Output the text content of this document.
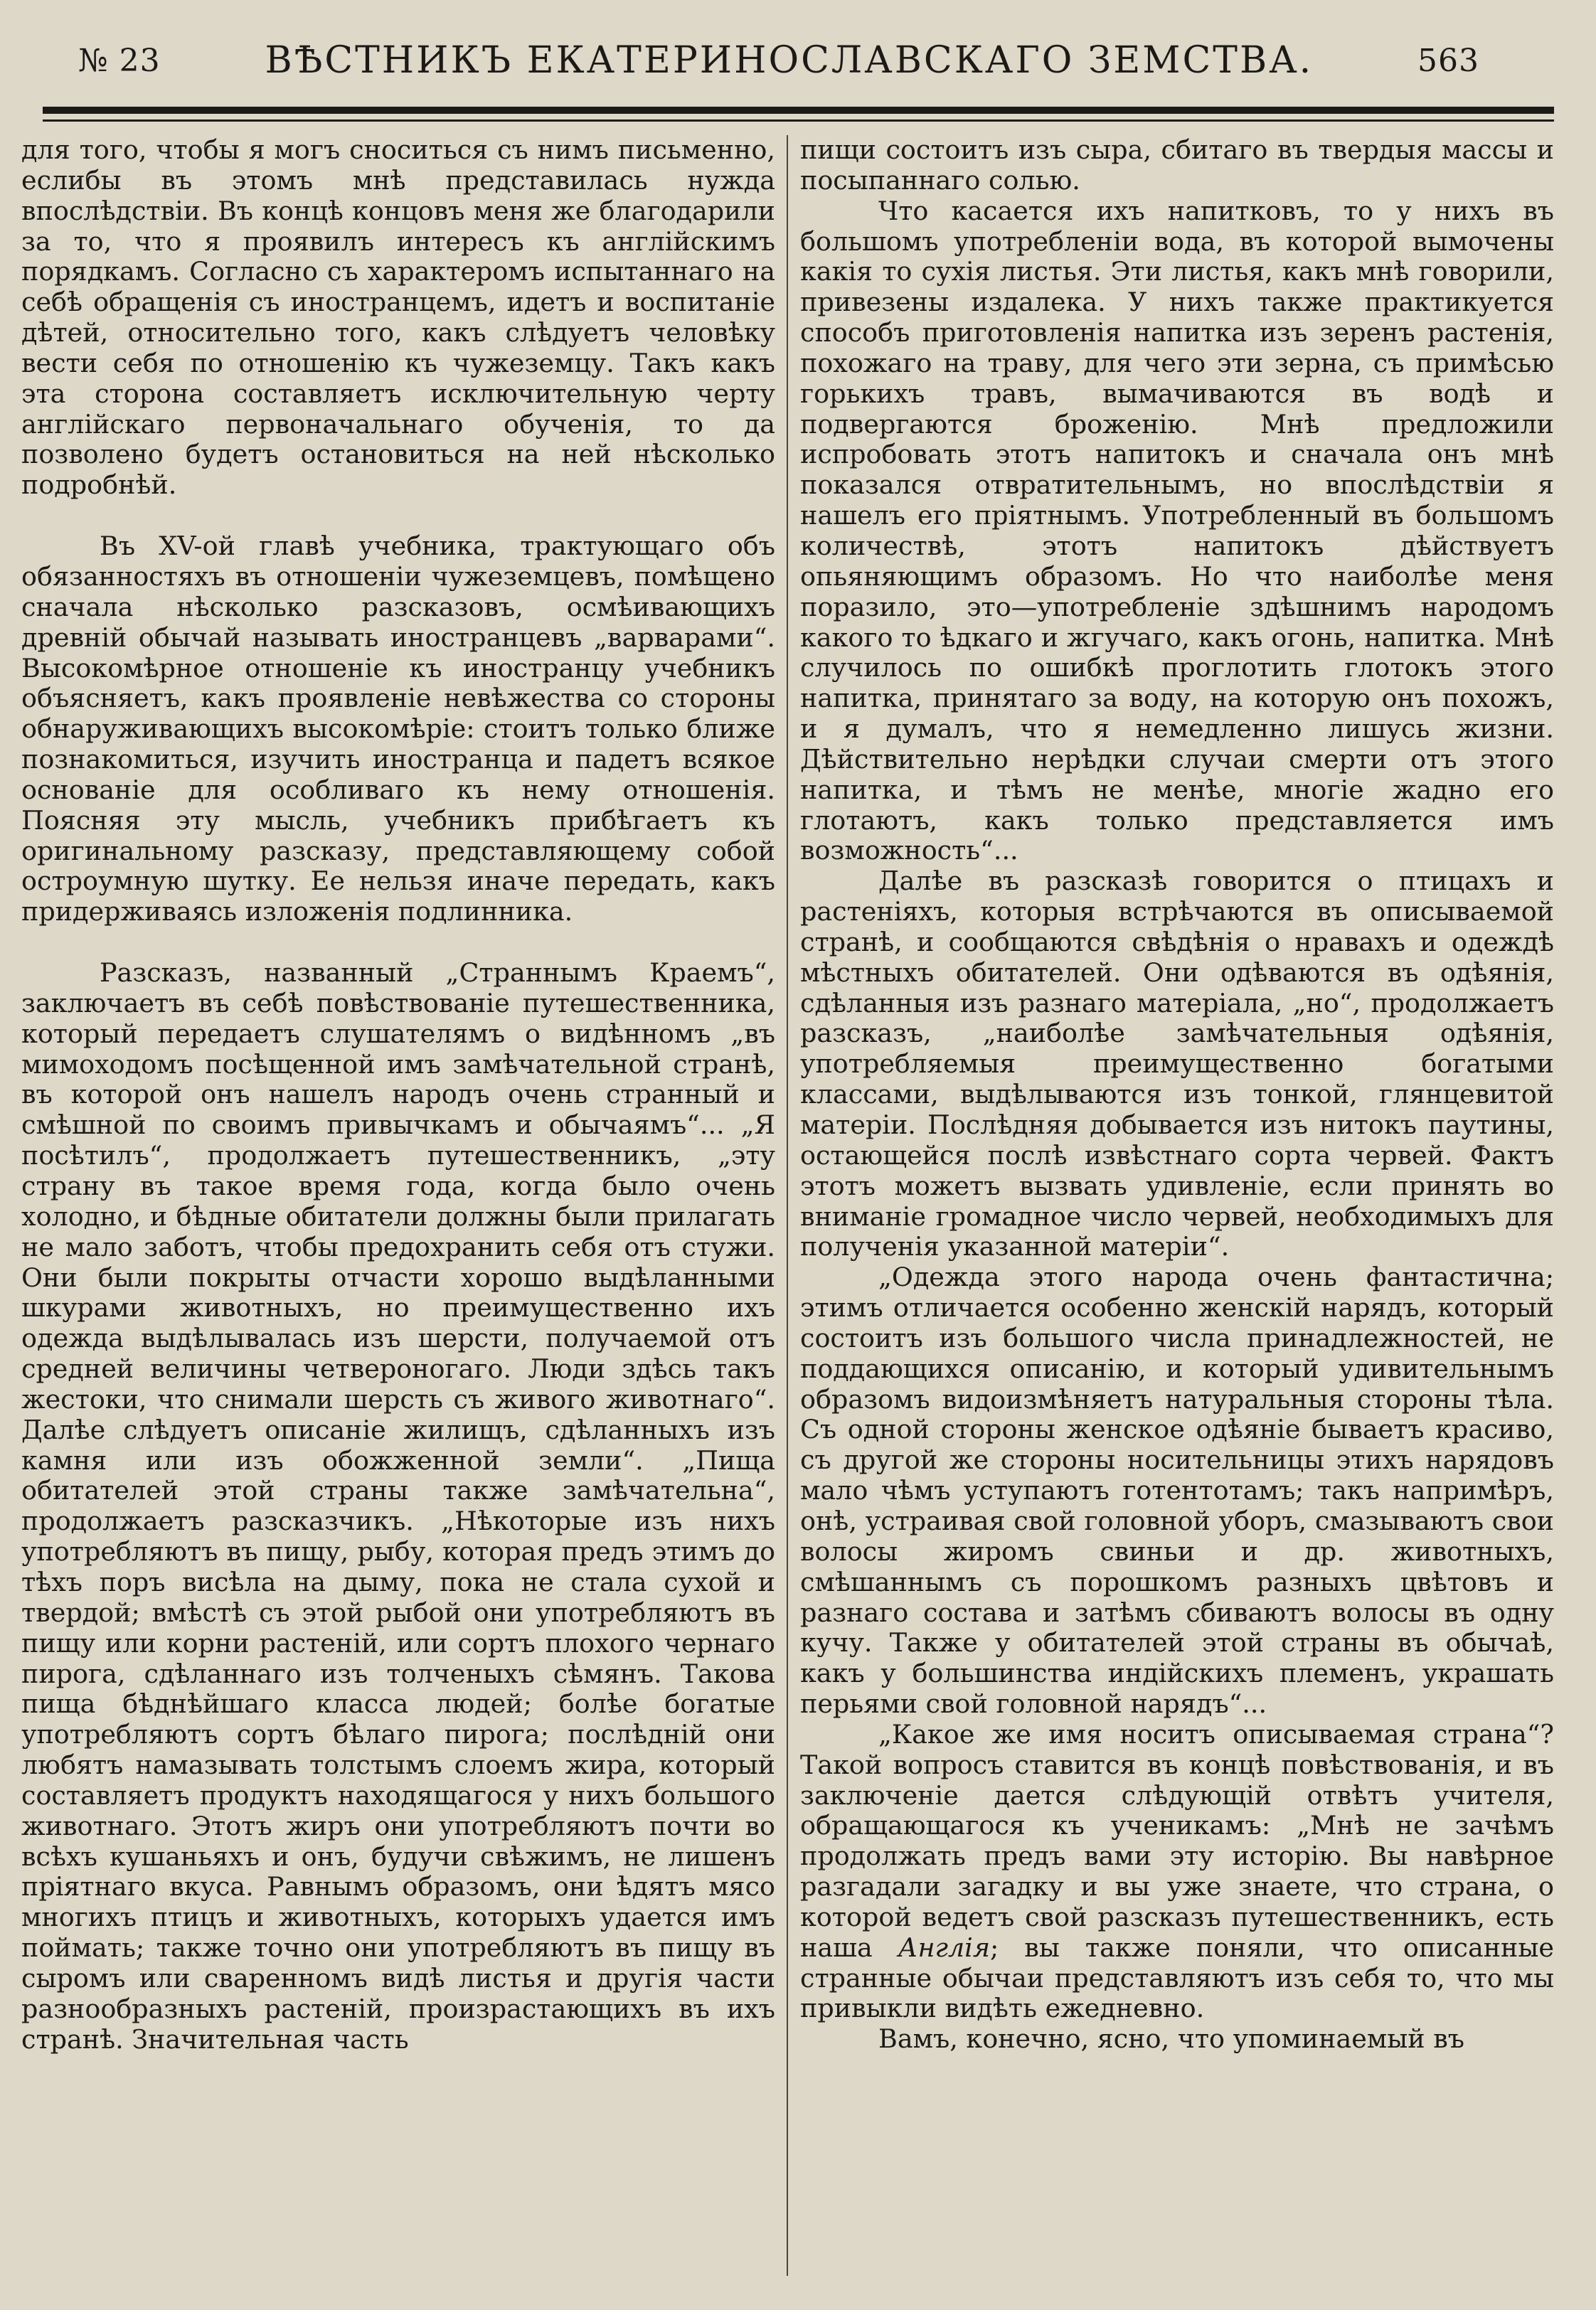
№ 23	ВѢСТНИКЪ ЕКАТЕРИНОСЛАВСКАГО ЗЕМСТВА.	563

для того, чтобы я могъ сноситься съ нимъ письменно, еслибы въ этомъ мнѣ представилась нужда впослѣдствіи. Въ концѣ концовъ меня же благодарили за то, что я проявилъ интересъ къ англійскимъ порядкамъ. Согласно съ характеромъ испытаннаго на себѣ обращенія съ иностранцемъ, идетъ и воспитаніе дѣтей, относительно того, какъ слѣдуетъ человѣку вести себя по отношенію къ чужеземцу. Такъ какъ эта сторона составляетъ исключительную черту англійскаго первоначальнаго обученія, то да позволено будетъ остановиться на ней нѣсколько подробнѣй.

Въ XV-ой главѣ учебника, трактующаго объ обязанностяхъ въ отношеніи чужеземцевъ, помѣщено сначала нѣсколько разсказовъ, осмѣивающихъ древній обычай называть иностранцевъ „варварами“. Высокомѣрное отношеніе къ иностранцу учебникъ объясняетъ, какъ проявленіе невѣжества со стороны обнаруживающихъ высокомѣріе: стоитъ только ближе познакомиться, изучить иностранца и падетъ всякое основаніе для особливаго къ нему отношенія. Поясняя эту мысль, учебникъ прибѣгаетъ къ оригинальному разсказу, представляющему собой остроумную шутку. Ее нельзя иначе передать, какъ придерживаясь изложенія подлинника.

Разсказъ, названный „Страннымъ Краемъ“, заключаетъ въ себѣ повѣствованіе путешественника, который передаетъ слушателямъ о видѣнномъ „въ мимоходомъ посѣщенной имъ замѣчательной странѣ, въ которой онъ нашелъ народъ очень странный и смѣшной по своимъ привычкамъ и обычаямъ“... „Я посѣтилъ“, продолжаетъ путешественникъ, „эту страну въ такое время года, когда было очень холодно, и бѣдные обитатели должны были прилагать не мало заботъ, чтобы предохранить себя отъ стужи. Они были покрыты отчасти хорошо выдѣланными шкурами животныхъ, но преимущественно ихъ одежда выдѣлывалась изъ шерсти, получаемой отъ средней величины четвероногаго. Люди здѣсь такъ жестоки, что снимали шерсть съ живого животнаго“. Далѣе слѣдуетъ описаніе жилищъ, сдѣланныхъ изъ камня или изъ обожженной земли“. „Пища обитателей этой страны также замѣчательна“, продолжаетъ разсказчикъ. „Нѣкоторые изъ нихъ употребляютъ въ пищу, рыбу, которая предъ этимъ до тѣхъ поръ висѣла на дыму, пока не стала сухой и твердой; вмѣстѣ съ этой рыбой они употребляютъ въ пищу или корни растеній, или сортъ плохого чернаго пирога, сдѣланнаго изъ толченыхъ сѣмянъ. Такова пища бѣднѣйшаго класса людей; болѣе богатые употребляютъ сортъ бѣлаго пирога; послѣдній они любятъ намазывать толстымъ слоемъ жира, который составляетъ продуктъ находящагося у нихъ большого животнаго. Этотъ жиръ они употребляютъ почти во всѣхъ кушаньяхъ и онъ, будучи свѣжимъ, не лишенъ пріятнаго вкуса. Равнымъ образомъ, они ѣдятъ мясо многихъ птицъ и животныхъ, которыхъ удается имъ поймать; также точно они употребляютъ въ пищу въ сыромъ или сваренномъ видѣ листья и другія части разнообразныхъ растеній, произрастающихъ въ ихъ странѣ. Значительная часть

пищи состоитъ изъ сыра, сбитаго въ твердыя массы и посыпаннаго солью.

Что касается ихъ напитковъ, то у нихъ въ большомъ употребленіи вода, въ которой вымочены какія то сухія листья. Эти листья, какъ мнѣ говорили, привезены издалека. У нихъ также практикуется способъ приготовленія напитка изъ зеренъ растенія, похожаго на траву, для чего эти зерна, съ примѣсью горькихъ травъ, вымачиваются въ водѣ и подвергаются броженію. Мнѣ предложили испробовать этотъ напитокъ и сначала онъ мнѣ показался отвратительнымъ, но впослѣдствіи я нашелъ его пріятнымъ. Употребленный въ большомъ количествѣ, этотъ напитокъ дѣйствуетъ опьяняющимъ образомъ. Но что наиболѣе меня поразило, это—употребленіе здѣшнимъ народомъ какого то ѣдкаго и жгучаго, какъ огонь, напитка. Мнѣ случилось по ошибкѣ проглотить глотокъ этого напитка, принятаго за воду, на которую онъ похожъ, и я думалъ, что я немедленно лишусь жизни. Дѣйствительно нерѣдки случаи смерти отъ этого напитка, и тѣмъ не менѣе, многіе жадно его глотаютъ, какъ только представляется имъ возможность“...

Далѣе въ разсказѣ говорится о птицахъ и растеніяхъ, которыя встрѣчаются въ описываемой странѣ, и сообщаются свѣдѣнія о нравахъ и одеждѣ мѣстныхъ обитателей. Они одѣваются въ одѣянія, сдѣланныя изъ разнаго матеріала, „но“, продолжаетъ разсказъ, „наиболѣе замѣчательныя одѣянія, употребляемыя преимущественно богатыми классами, выдѣлываются изъ тонкой, глянцевитой матеріи. Послѣдняя добывается изъ нитокъ паутины, остающейся послѣ извѣстнаго сорта червей. Фактъ этотъ можетъ вызвать удивленіе, если принять во вниманіе громадное число червей, необходимыхъ для полученія указанной матеріи“.

„Одежда этого народа очень фантастична; этимъ отличается особенно женскій нарядъ, который состоитъ изъ большого числа принадлежностей, не поддающихся описанію, и который удивительнымъ образомъ видоизмѣняетъ натуральныя стороны тѣла. Съ одной стороны женское одѣяніе бываетъ красиво, съ другой же стороны носительницы этихъ нарядовъ мало чѣмъ уступаютъ готентотамъ; такъ напримѣръ, онѣ, устраивая свой головной уборъ, смазываютъ свои волосы жиромъ свиньи и др. животныхъ, смѣшаннымъ съ порошкомъ разныхъ цвѣтовъ и разнаго состава и затѣмъ сбиваютъ волосы въ одну кучу. Также у обитателей этой страны въ обычаѣ, какъ у большинства индійскихъ племенъ, украшать перьями свой головной нарядъ“...

„Какое же имя носитъ описываемая страна“? Такой вопросъ ставится въ концѣ повѣствованія, и въ заключеніе дается слѣдующій отвѣтъ учителя, обращающагося къ ученикамъ: „Мнѣ не зачѣмъ продолжать предъ вами эту исторію. Вы навѣрное разгадали загадку и вы уже знаете, что страна, о которой ведетъ свой разсказъ путешественникъ, есть наша Англія; вы также поняли, что описанные странные обычаи представляютъ изъ себя то, что мы привыкли видѣть ежедневно.

Вамъ, конечно, ясно, что упоминаемый въ
